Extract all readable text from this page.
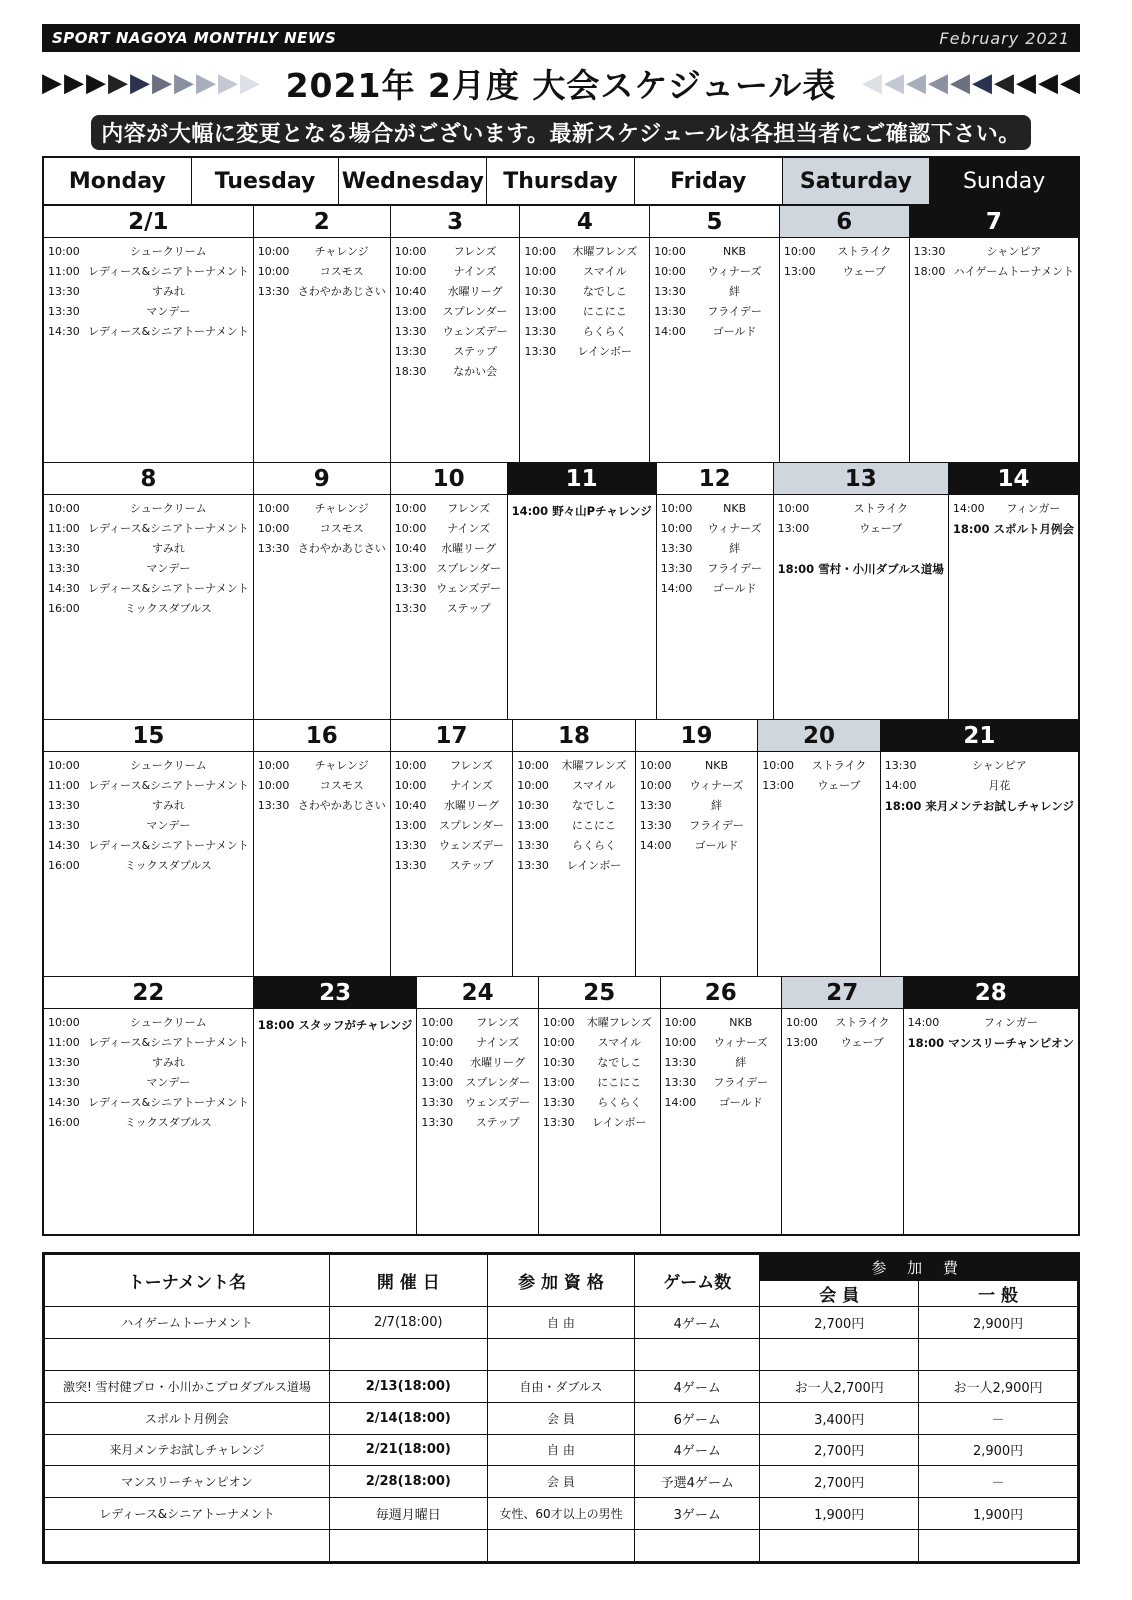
SPORT NAGOYA MONTHLY NEWS	February 2021
▶ ▶ ▶ ▶ ▶ ▶ ▶ ▶ ▶ ▶ 2021年 2月度 大会スケジュール表 ◀ ◀ ◀ ◀ ◀ ◀ ◀ ◀ ◀ ◀
内容が大幅に変更となる場合がございます。最新スケジュールは各担当者にご確認下さい。
Monday	Tuesday	Wednesday Thursday	Friday	Saturday	Sunday
2/1
10:00	シュークリーム
11:00 レディース&シニアトーナメント
13:30	すみれ
13:30	マンデー
14:30 レディース&シニアトーナメント
2
10:00	チャレンジ
10:00	コスモス
13:30 さわやかあじさい
3
10:00	フレンズ
10:00	ナインズ
10:40	水曜リーグ
13:00	スプレンダー
13:30	ウェンズデー
13:30	ステップ
18:30	なかい会
4
10:00	木曜フレンズ
10:00	スマイル
10:30	なでしこ
13:00	にこにこ
13:30	らくらく
13:30	レインボー
5
10:00	NKB
10:00	ウィナーズ
13:30	絆
13:30	フライデー
14:00	ゴールド
6
10:00	ストライク
13:00	ウェーブ
7
13:30	シャンピア
18:00 ハイゲームトーナメント
8
10:00	シュークリーム
11:00 レディース&シニアトーナメント
13:30	すみれ
13:30	マンデー
14:30 レディース&シニアトーナメント
16:00	ミックスダブルス
9
10:00	チャレンジ
10:00	コスモス
13:30 さわやかあじさい
10
10:00	フレンズ
10:00	ナインズ
10:40	水曜リーグ
13:00 スプレンダー
13:30 ウェンズデー
13:30	ステップ
11
14:00 野々山Pチャレンジ
12
10:00	NKB
10:00	ウィナーズ
13:30	絆
13:30	フライデー
14:00	ゴールド
13
10:00	ストライク
13:00	ウェーブ
18:00 雪村・小川ダブルス道場
14
14:00	フィンガー
18:00 スポルト月例会
15
10:00	シュークリーム
11:00 レディース&シニアトーナメント
13:30	すみれ
13:30	マンデー
14:30 レディース&シニアトーナメント
16:00	ミックスダブルス
16
10:00	チャレンジ
10:00	コスモス
13:30 さわやかあじさい
17
10:00	フレンズ
10:00	ナインズ
10:40	水曜リーグ
13:00	スプレンダー
13:30	ウェンズデー
13:30	ステップ
18
10:00	木曜フレンズ
10:00	スマイル
10:30	なでしこ
13:00	にこにこ
13:30	らくらく
13:30	レインボー
19
10:00	NKB
10:00	ウィナーズ
13:30	絆
13:30	フライデー
14:00	ゴールド
20
10:00	ストライク
13:00	ウェーブ
21
13:30	シャンピア
14:00	月花
18:00 来月メンテお試しチャレンジ
22
10:00	シュークリーム
11:00 レディース&シニアトーナメント
13:30	すみれ
13:30	マンデー
14:30 レディース&シニアトーナメント
16:00	ミックスダブルス
23
18:00 スタッフがチャレンジ
24
10:00	フレンズ
10:00	ナインズ
10:40	水曜リーグ
13:00	スプレンダー
13:30	ウェンズデー
13:30	ステップ
25
10:00	木曜フレンズ
10:00	スマイル
10:30	なでしこ
13:00	にこにこ
13:30	らくらく
13:30	レインボー
26
10:00	NKB
10:00	ウィナーズ
13:30	絆
13:30	フライデー
14:00	ゴールド
27
10:00	ストライク
13:00	ウェーブ
28
14:00	フィンガー
18:00 マンスリーチャンピオン
トーナメント名	開 催 日	参 加 資 格	ゲーム数	参 加 費	
				会 員	一 般
ハイゲームトーナメント	2/7(18:00)	自 由	4ゲーム	2,700円	2,900円

激突! 雪村健プロ・小川かこプロダブルス道場	2/13(18:00)	自由・ダブルス	4ゲーム	お一人2,700円	お一人2,900円
スポルト月例会	2/14(18:00)	会 員	6ゲーム	3,400円	－
来月メンテお試しチャレンジ	2/21(18:00)	自 由	4ゲーム	2,700円	2,900円
マンスリーチャンピオン	2/28(18:00)	会 員	予選4ゲーム	2,700円	－
レディース&シニアトーナメント	毎週月曜日	女性、60才以上の男性	3ゲーム	1,900円	1,900円
